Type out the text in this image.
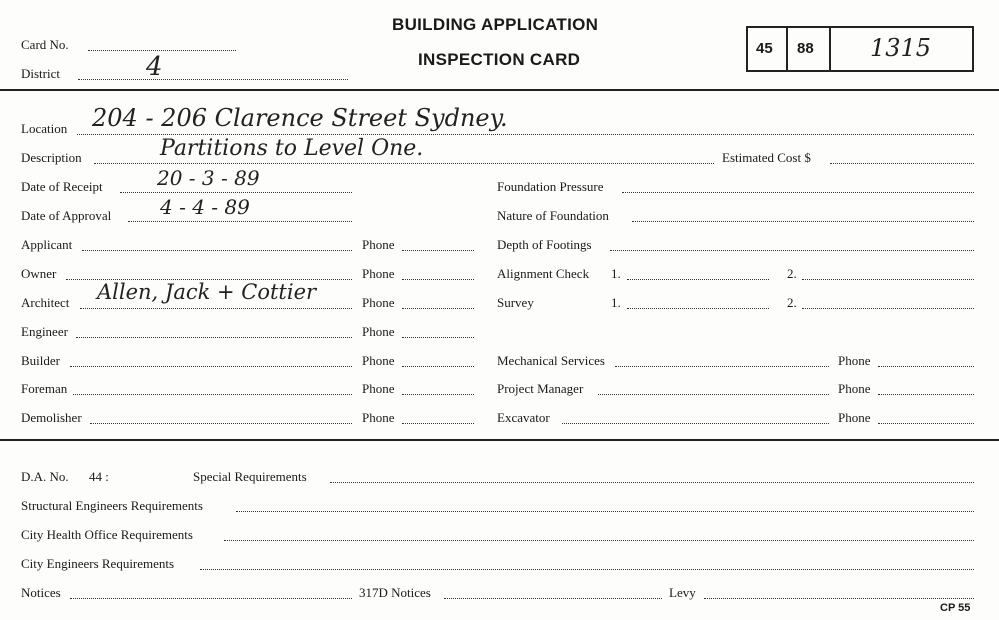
Card No.
District	4
BUILDING APPLICATION
INSPECTION CARD
45 88 1315
Location 204 - 206 Clarence Street Sydney.
Description	Partitions to Level One.	Estimated Cost $
Date of Receipt	20 - 3 - 89
Date of Approval 4 - 4 - 89
Applicant	Phone
Owner	Phone
Architect Allen, Jack + Cottier	Phone
Engineer	Phone
Builder	Phone
Foreman	Phone
Demolisher	Phone
Foundation Pressure
Nature of Foundation
Depth of Footings
Alignment Check 1.	2.
Survey	1.	2.
Mechanical Services	Phone
Project Manager	Phone
Excavator	Phone
D.A. No. 44 :	Special Requirements
Structural Engineers Requirements
City Health Office Requirements
City Engineers Requirements
Notices	317D Notices	Levy
CP 55
